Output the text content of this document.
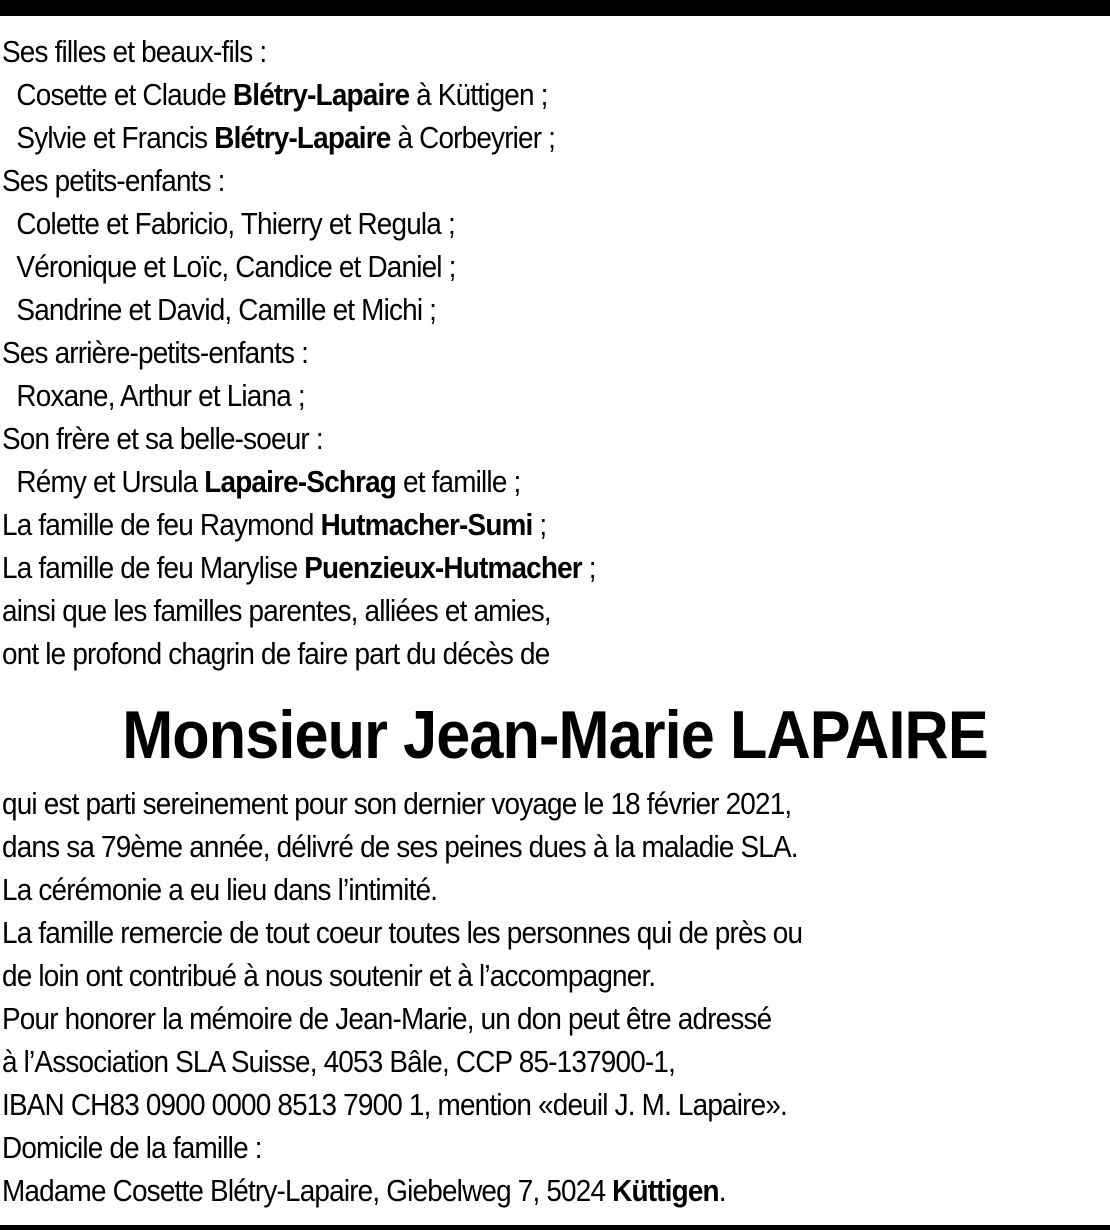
Ses filles et beaux-fils :
Cosette et Claude Blétry-Lapaire à Küttigen ;
Sylvie et Francis Blétry-Lapaire à Corbeyrier ;
Ses petits-enfants :
Colette et Fabricio, Thierry et Regula ;
Véronique et Loïc, Candice et Daniel ;
Sandrine et David, Camille et Michi ;
Ses arrière-petits-enfants :
Roxane, Arthur et Liana ;
Son frère et sa belle-soeur :
Rémy et Ursula Lapaire-Schrag et famille ;
La famille de feu Raymond Hutmacher-Sumi ;
La famille de feu Marylise Puenzieux-Hutmacher ;
ainsi que les familles parentes, alliées et amies,
ont le profond chagrin de faire part du décès de
Monsieur Jean-Marie LAPAIRE
qui est parti sereinement pour son dernier voyage le 18 février 2021,
dans sa 79ème année, délivré de ses peines dues à la maladie SLA.
La cérémonie a eu lieu dans l’intimité.
La famille remercie de tout coeur toutes les personnes qui de près ou
de loin ont contribué à nous soutenir et à l’accompagner.
Pour honorer la mémoire de Jean-Marie, un don peut être adressé
à l’Association SLA Suisse, 4053 Bâle, CCP 85-137900-1,
IBAN CH83 0900 0000 8513 7900 1, mention «deuil J. M. Lapaire».
Domicile de la famille :
Madame Cosette Blétry-Lapaire, Giebelweg 7, 5024 Küttigen.
